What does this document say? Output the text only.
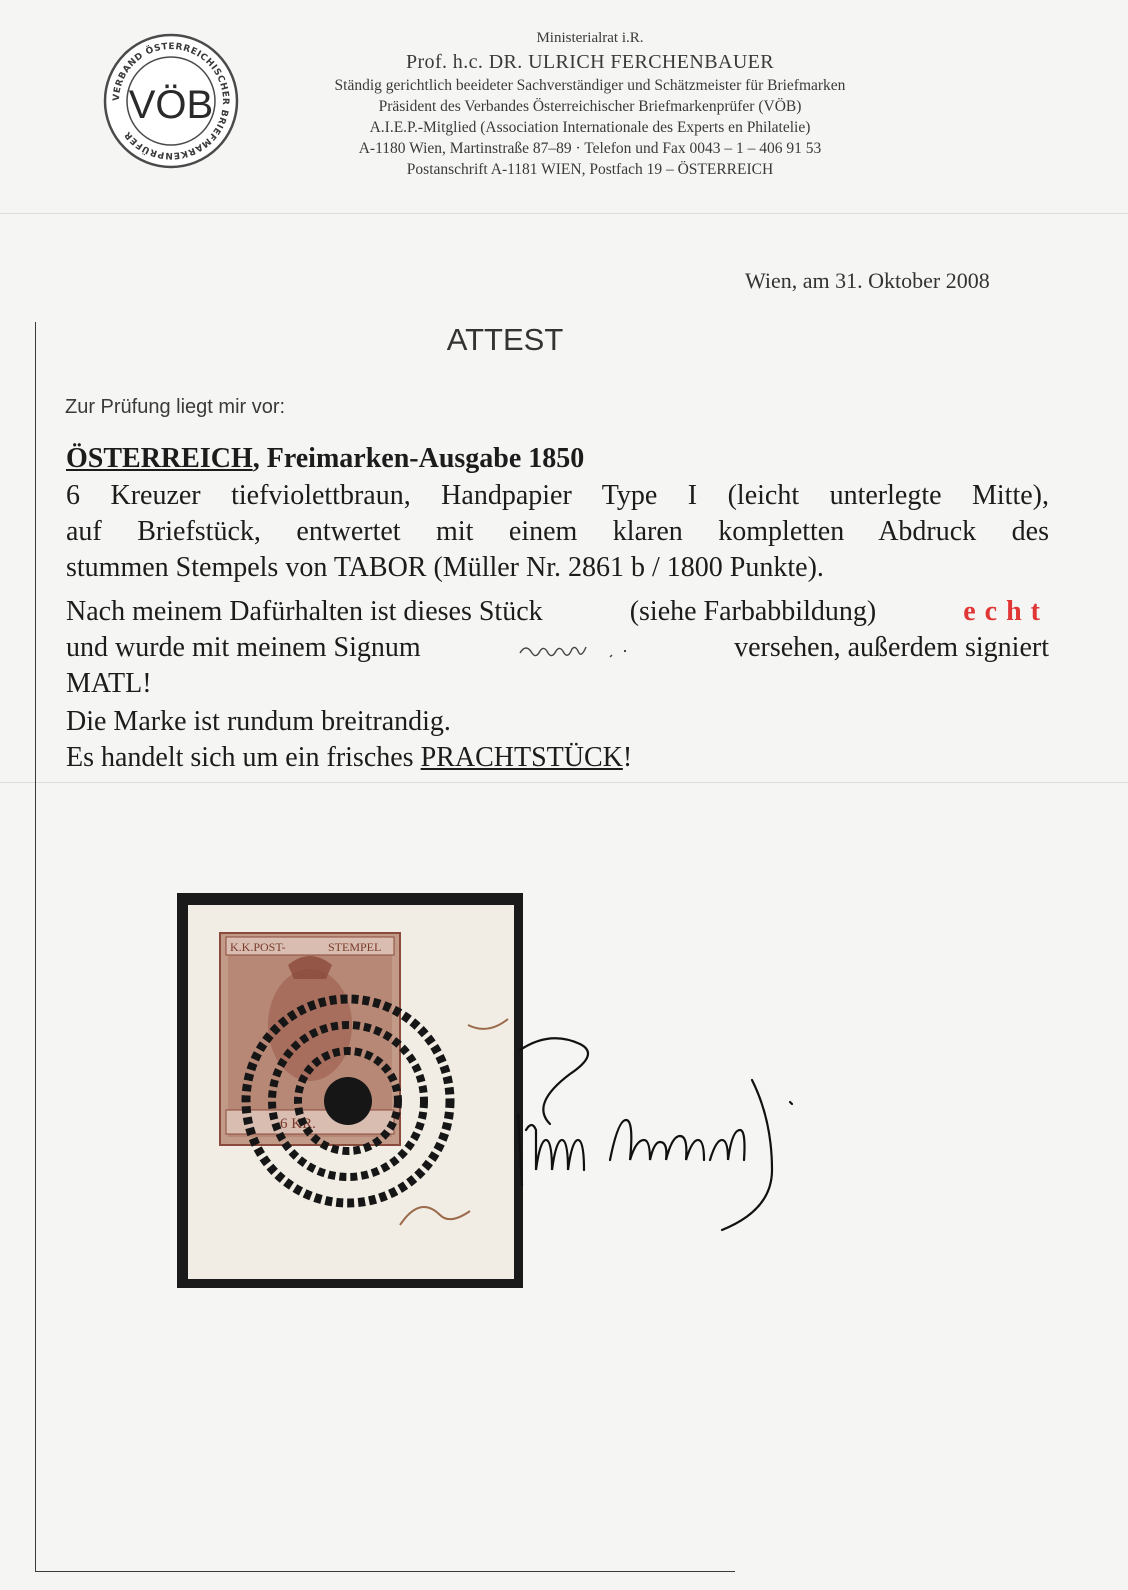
VERBAND ÖSTERREICHISCHER BRIEFMARKENPRÜFER
VÖB
Ministerialrat i.R.
Prof. h.c. DR. ULRICH FERCHENBAUER
Ständig gerichtlich beeideter Sachverständiger und Schätzmeister für Briefmarken
Präsident des Verbandes Österreichischer Briefmarkenprüfer (VÖB)
A.I.E.P.-Mitglied (Association Internationale des Experts en Philatelie)
A-1180 Wien, Martinstraße 87–89 · Telefon und Fax 0043 – 1 – 406 91 53
Postanschrift A-1181 WIEN, Postfach 19 – ÖSTERREICH
Wien, am 31. Oktober 2008
ATTEST
Zur Prüfung liegt mir vor:
ÖSTERREICH, Freimarken-Ausgabe 1850
6 Kreuzer tiefviolettbraun, Handpapier Type I (leicht unterlegte Mitte),
auf Briefstück, entwertet mit einem klaren kompletten Abdruck des
stummen Stempels von TABOR (Müller Nr. 2861 b / 1800 Punkte).
Nach meinem Dafürhalten ist dieses Stück	(siehe Farbabbildung)	echt
und wurde mit meinem Signum	versehen, außerdem signiert
MATL!
Die Marke ist rundum breitrandig.
Es handelt sich um ein frisches PRACHTSTÜCK!
K.K.POST-	STEMPEL
6 KR.
